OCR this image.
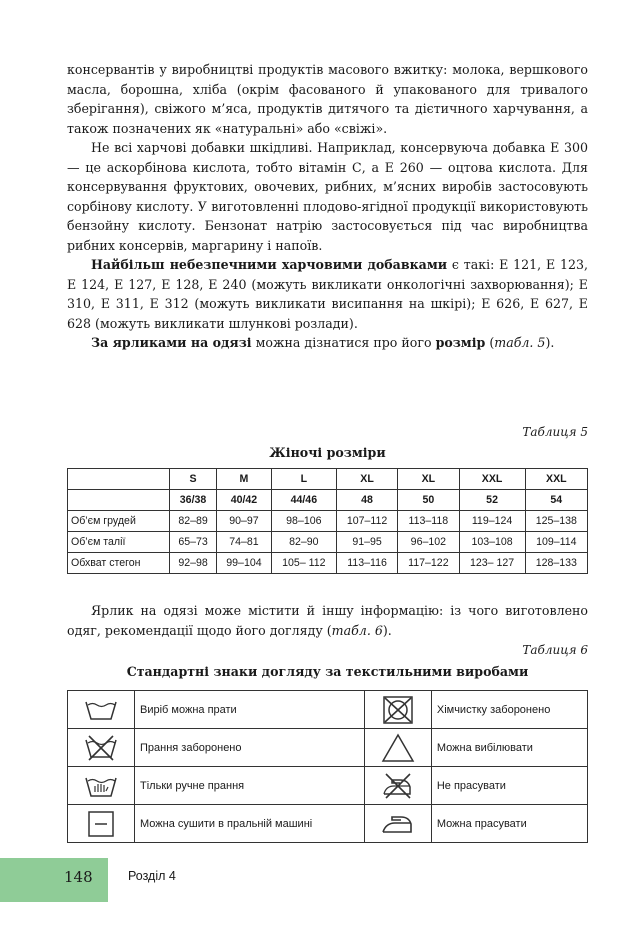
консервантів у виробництві продуктів масового вжитку: молока, вершкового масла, борошна, хліба (окрім фасованого й упакованого для тривалого зберігання), свіжого м’яса, продуктів дитячого та дієтичного харчування, а також позначених як «натуральні» або «свіжі».

Не всі харчові добавки шкідливі. Наприклад, консервуюча добавка Е 300 — це аскорбінова кислота, тобто вітамін С, а Е 260 — оцтова кислота. Для консервування фруктових, овочевих, рибних, м’ясних виробів застосовують сорбінову кислоту. У виготовленні плодово-ягідної продукції використовують бензойну кислоту. Бензонат натрію застосовується під час виробництва рибних консервів, маргарину і напоїв.

Найбільш небезпечними харчовими добавками є такі: Е 121, Е 123, Е 124, Е 127, Е 128, Е 240 (можуть викликати онкологічні захворювання); Е 310, Е 311, Е 312 (можуть викликати висипання на шкірі); Е 626, Е 627, Е 628 (можуть викликати шлункові розлади).

За ярликами на одязі можна дізнатися про його розмір (табл. 5).

Таблиця 5
Жіночі розміри
	S	M	L	XL	XL	XXL	XXL
	36/38	40/42	44/46	48	50	52	54
Об’єм грудей	82–89	90–97	98–106	107–112	113–118	119–124	125–138
Об’єм талії	65–73	74–81	82–90	91–95	96–102	103–108	109–114
Обхват стегон	92–98	99–104	105– 112	113–116	117–122	123– 127	128–133

Ярлик на одязі може містити й іншу інформацію: із чого виготовлено одяг, рекомендації щодо його догляду (табл. 6).

Таблиця 6
Стандартні знаки догляду за текстильними виробами
	Виріб можна прати		Хімчистку заборонено

	Прання заборонено		Можна вибілювати

	Тільки ручне прання		Не прасувати

	Можна сушити в пральній машині		Можна прасувати
148	Розділ 4
